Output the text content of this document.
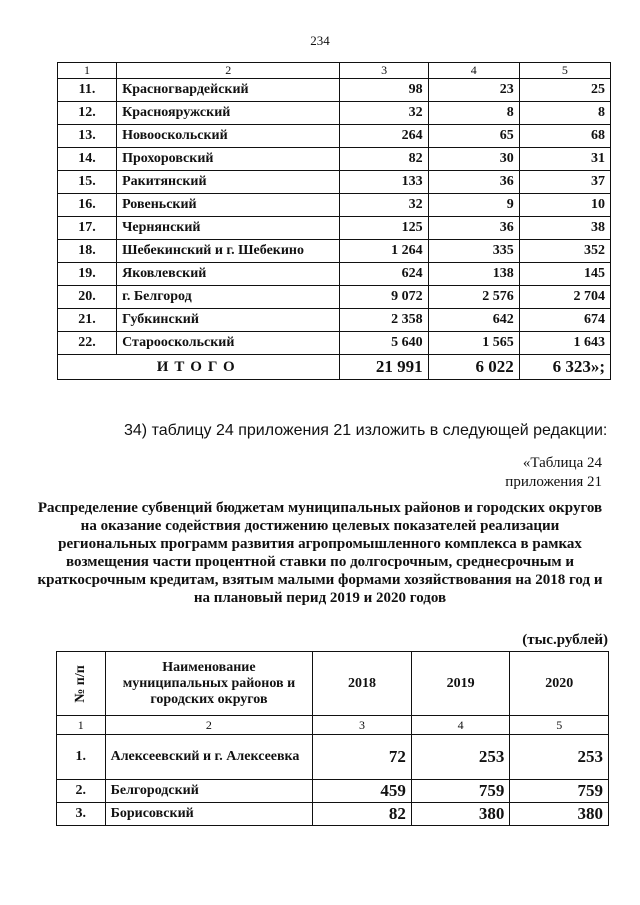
234
1	2	3	4	5
11.	Красногвардейский	98	23	25
12.	Краснояружский	32	8	8
13.	Новооскольский	264	65	68
14.	Прохоровский	82	30	31
15.	Ракитянский	133	36	37
16.	Ровеньский	32	9	10
17.	Чернянский	125	36	38
18.	Шебекинский и г. Шебекино	1 264	335	352
19.	Яковлевский	624	138	145
20.	г. Белгород	9 072	2 576	2 704
21.	Губкинский	2 358	642	674
22.	Старооскольский	5 640	1 565	1 643
ИТОГО		21 991	6 022	6 323»;
34) таблицу 24 приложения 21 изложить в следующей редакции:
«Таблица 24
приложения 21
Распределение субвенций бюджетам муниципальных районов и городских округов на оказание содействия достижению целевых показателей реализации региональных программ развития агропромышленного комплекса в рамках возмещения части процентной ставки по долгосрочным, среднесрочным и краткосрочным кредитам, взятым малыми формами хозяйствования на 2018 год и на плановый перид 2019 и 2020 годов
(тыс.рублей)
№ п/п	Наименование муниципальных районов и городских округов	2018	2019	2020
1	2	3	4	5
1.	Алексеевский и г. Алексеевка	72	253	253
2.	Белгородский	459	759	759
3.	Борисовский	82	380	380
